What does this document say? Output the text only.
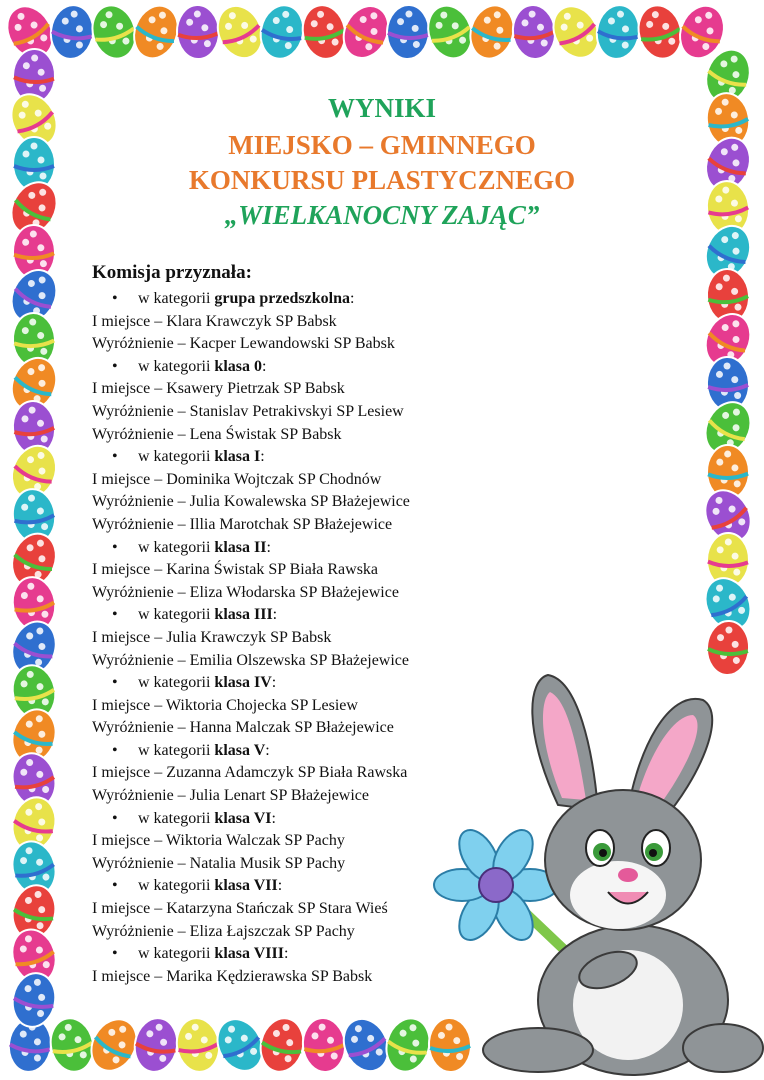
WYNIKI
MIEJSKO – GMINNEGO
KONKURSU PLASTYCZNEGO
„WIELKANOCNY ZAJĄC”
Komisja przyznała:
• w kategorii grupa przedszkolna:
I miejsce – Klara Krawczyk SP Babsk
Wyróżnienie – Kacper Lewandowski SP Babsk
• w kategorii klasa 0:
I miejsce – Ksawery Pietrzak SP Babsk
Wyróżnienie – Stanislav Petrakivskyi SP Lesiew
Wyróżnienie – Lena Świstak SP Babsk
• w kategorii klasa I:
I miejsce – Dominika Wojtczak SP Chodnów
Wyróżnienie – Julia Kowalewska SP Błażejewice
Wyróżnienie – Illia Marotchak SP Błażejewice
• w kategorii klasa II:
I miejsce – Karina Świstak SP Biała Rawska
Wyróżnienie – Eliza Włodarska SP Błażejewice
• w kategorii klasa III:
I miejsce – Julia Krawczyk SP Babsk
Wyróżnienie – Emilia Olszewska SP Błażejewice
• w kategorii klasa IV:
I miejsce – Wiktoria Chojecka SP Lesiew
Wyróżnienie – Hanna Malczak SP Błażejewice
• w kategorii klasa V:
I miejsce – Zuzanna Adamczyk SP Biała Rawska
Wyróżnienie – Julia Lenart SP Błażejewice
• w kategorii klasa VI:
I miejsce – Wiktoria Walczak SP Pachy
Wyróżnienie – Natalia Musik SP Pachy
• w kategorii klasa VII:
I miejsce – Katarzyna Stańczak SP Stara Wieś
Wyróżnienie – Eliza Łajszczak SP Pachy
• w kategorii klasa VIII:
I miejsce – Marika Kędzierawska SP Babsk
